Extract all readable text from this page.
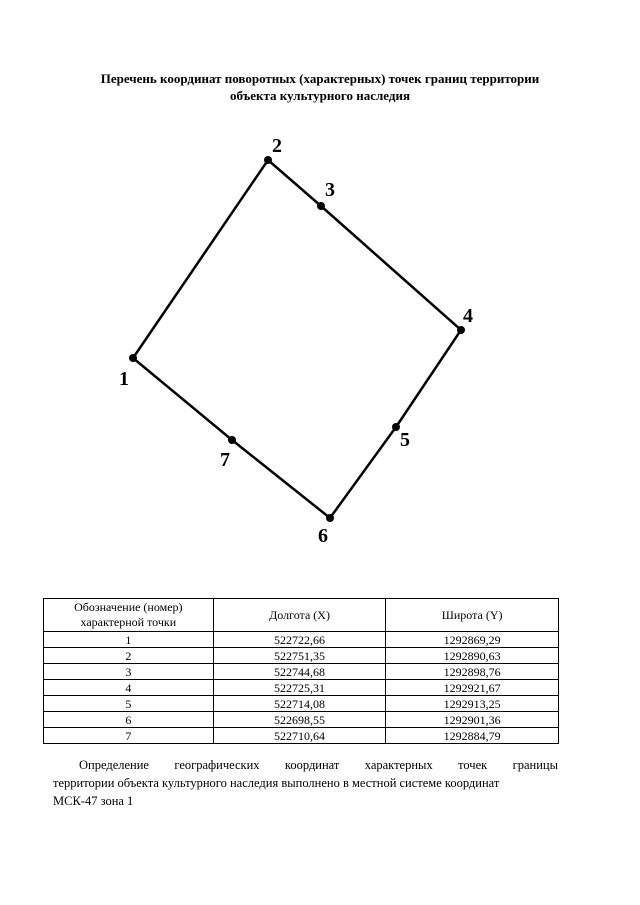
Перечень координат поворотных (характерных) точек границ территории
объекта культурного наследия
1
2
3
4
5
6
7
Обозначение (номер) характерной точки	Долгота (X)	Широта (Y)
1	522722,66	1292869,29
2	522751,35	1292890,63
3	522744,68	1292898,76
4	522725,31	1292921,67
5	522714,08	1292913,25
6	522698,55	1292901,36
7	522710,64	1292884,79
Определение географических координат характерных точек границы
территории объекта культурного наследия выполнено в местной системе координат
МСК-47 зона 1
